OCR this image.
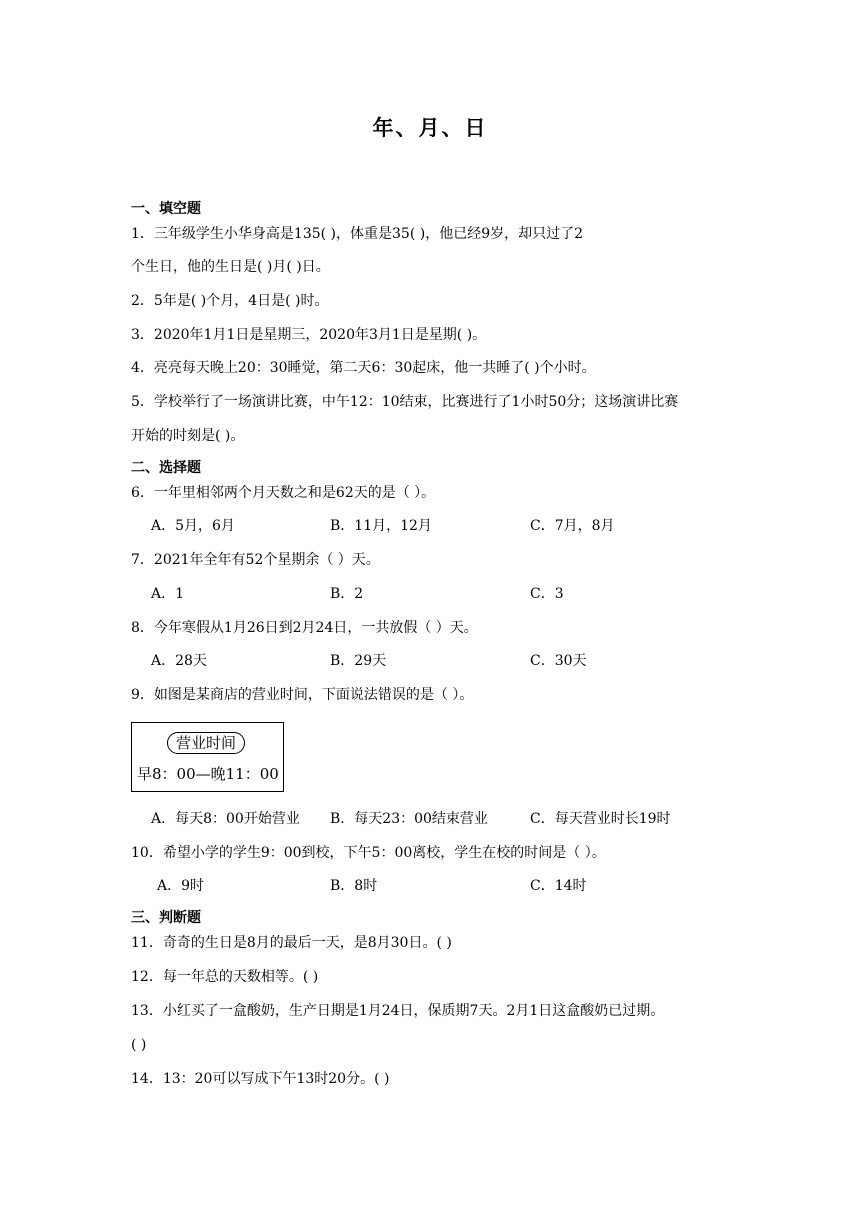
年、月、日
一、填空题
1．三年级学生小华身高是135( )，体重是35( )，他已经9岁，却只过了2
个生日，他的生日是( )月( )日。
2．5年是( )个月，4日是( )时。
3．2020年1月1日是星期三，2020年3月1日是星期( )。
4．亮亮每天晚上20：30睡觉，第二天6：30起床，他一共睡了( )个小时。
5．学校举行了一场演讲比赛，中午12：10结束，比赛进行了1小时50分；这场演讲比赛
开始的时刻是( )。
二、选择题
6．一年里相邻两个月天数之和是62天的是（ ）。
A．5月，6月	B．11月，12月	C．7月，8月
7．2021年全年有52个星期余（ ）天。
A．1	B．2	C．3
8．今年寒假从1月26日到2月24日，一共放假（ ）天。
A．28天	B．29天	C．30天
9．如图是某商店的营业时间，下面说法错误的是（ ）。
营业时间
早8：00—晚11：00
A．每天8：00开始营业 B．每天23：00结束营业	C．每天营业时长19时
10．希望小学的学生9：00到校，下午5：00离校，学生在校的时间是（ ）。
A．9时	B．8时	C．14时
三、判断题
11．奇奇的生日是8月的最后一天，是8月30日。( )
12．每一年总的天数相等。( )
13．小红买了一盒酸奶，生产日期是1月24日，保质期7天。2月1日这盒酸奶已过期。
( )
14．13：20可以写成下午13时20分。( )
